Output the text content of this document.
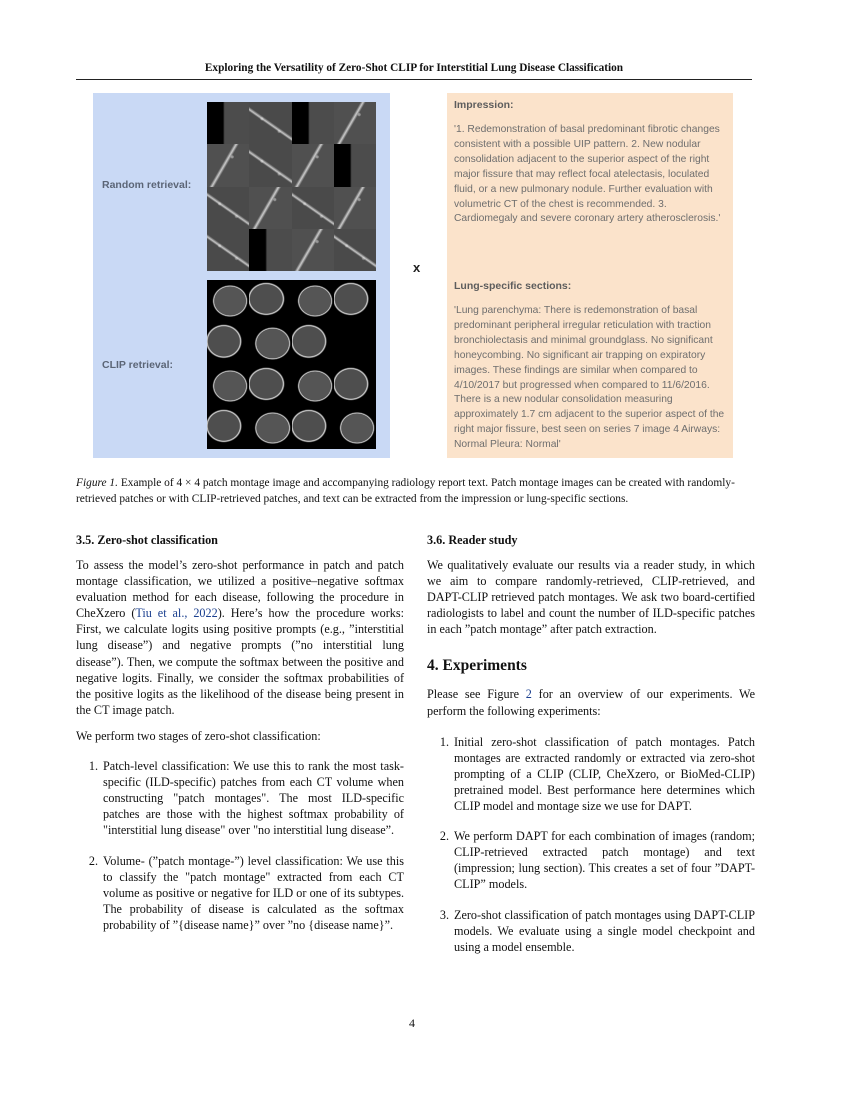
Exploring the Versatility of Zero-Shot CLIP for Interstitial Lung Disease Classification
Random retrieval:
CLIP retrieval:
x
Impression:
'1. Redemonstration of basal predominant fibrotic changes consistent with a possible UIP pattern. 2. New nodular consolidation adjacent to the superior aspect of the right major fissure that may reflect focal atelectasis, loculated fluid, or a new pulmonary nodule. Further evaluation with volumetric CT of the chest is recommended. 3. Cardiomegaly and severe coronary artery atherosclerosis.'
Lung-specific sections:
'Lung parenchyma: There is redemonstration of basal predominant peripheral irregular reticulation with traction bronchiolectasis and minimal groundglass. No significant honeycombing. No significant air trapping on expiratory images. These findings are similar when compared to 4/10/2017 but progressed when compared to 11/6/2016. There is a new nodular consolidation measuring approximately 1.7 cm adjacent to the superior aspect of the right major fissure, best seen on series 7 image 4 Airways: Normal Pleura: Normal'
Figure 1. Example of 4 × 4 patch montage image and accompanying radiology report text. Patch montage images can be created with randomly-retrieved patches or with CLIP-retrieved patches, and text can be extracted from the impression or lung-specific sections.
3.5. Zero-shot classification

To assess the model’s zero-shot performance in patch and patch montage classification, we utilized a positive–negative softmax evaluation method for each disease, following the procedure in CheXzero (Tiu et al., 2022). Here’s how the procedure works: First, we calculate logits using positive prompts (e.g., ”interstitial lung disease”) and negative prompts (”no interstitial lung disease”). Then, we compute the softmax between the positive and negative logits. Finally, we consider the softmax probabilities of the positive logits as the likelihood of the disease being present in the CT image patch.

We perform two stages of zero-shot classification:

1. Patch-level classification: We use this to rank the most task-specific (ILD-specific) patches from each CT volume when constructing "patch montages". The most ILD-specific patches are those with the highest softmax probability of "interstitial lung disease" over "no interstitial lung disease”.
2. Volume- (”patch montage-”) level classification: We use this to classify the "patch montage" extracted from each CT volume as positive or negative for ILD or one of its subtypes. The probability of disease is calculated as the softmax probability of ”{disease name}” over ”no {disease name}”.
3.6. Reader study

We qualitatively evaluate our results via a reader study, in which we aim to compare randomly-retrieved, CLIP-retrieved, and DAPT-CLIP retrieved patch montages. We ask two board-certified radiologists to label and count the number of ILD-specific patches in each ”patch montage” after patch extraction.

4. Experiments

Please see Figure 2 for an overview of our experiments. We perform the following experiments:

1. Initial zero-shot classification of patch montages. Patch montages are extracted randomly or extracted via zero-shot prompting of a CLIP (CLIP, CheXzero, or BioMed-CLIP) pretrained model. Best performance here determines which CLIP model and montage size we use for DAPT.
2. We perform DAPT for each combination of images (random; CLIP-retrieved extracted patch montage) and text (impression; lung section). This creates a set of four ”DAPT-CLIP” models.
3. Zero-shot classification of patch montages using DAPT-CLIP models. We evaluate using a single model checkpoint and using a model ensemble.
4
